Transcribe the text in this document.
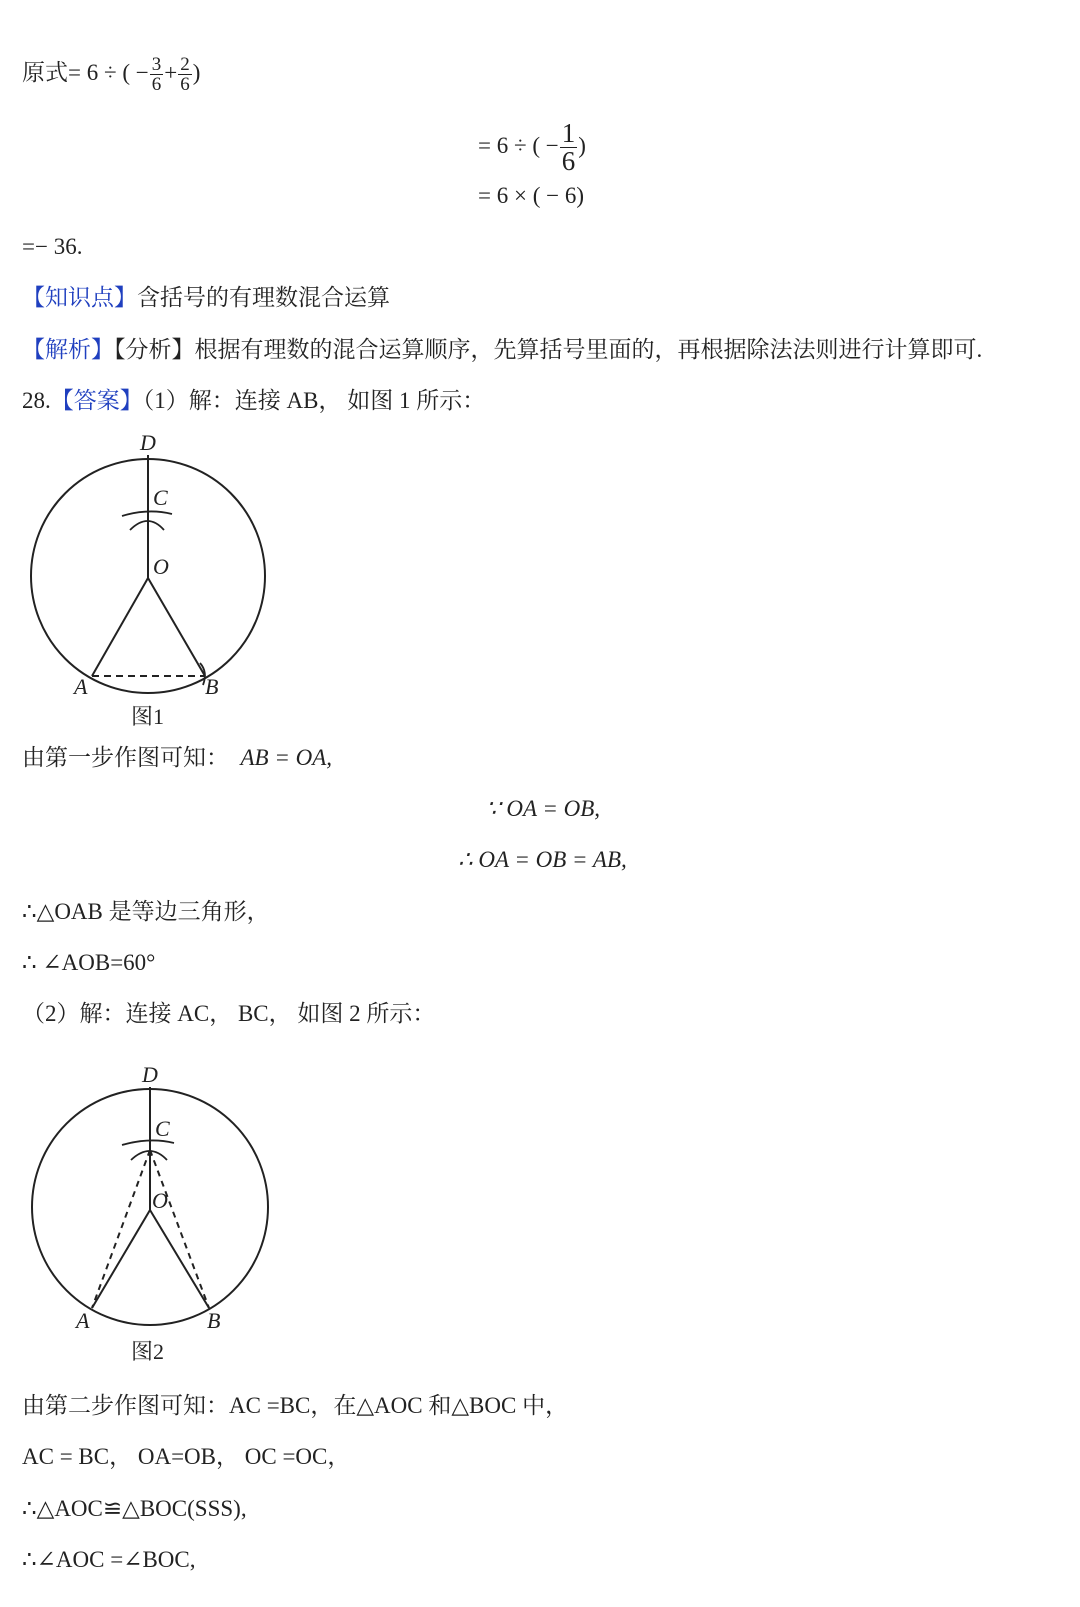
原式= 6 ÷ ( − $\frac{3}{6} + \frac{2}{6}$ )
= 6 ÷ ( − $\frac{1}{6}$ )
= 6 × ( − 6)
=− 36.
【知识点】含括号的有理数混合运算
【解析】【分析】根据有理数的混合运算顺序，先算括号里面的，再根据除法法则进行计算即可.
28.【答案】（1）解：连接 AB， 如图 1 所示：
D
C
O
A	B
图1
由第一步作图可知： AB = OA,
∵ OA = OB,
∴ OA = OB = AB,
∴△OAB 是等边三角形，
∴ ∠AOB=60°
（2）解：连接 AC， BC， 如图 2 所示：
D
C
O
A	B
图2
由第二步作图可知：AC =BC，在△AOC 和△BOC 中，
AC = BC， OA=OB， OC =OC，
∴△AOC≌△BOC(SSS),
∴∠AOC =∠BOC,
